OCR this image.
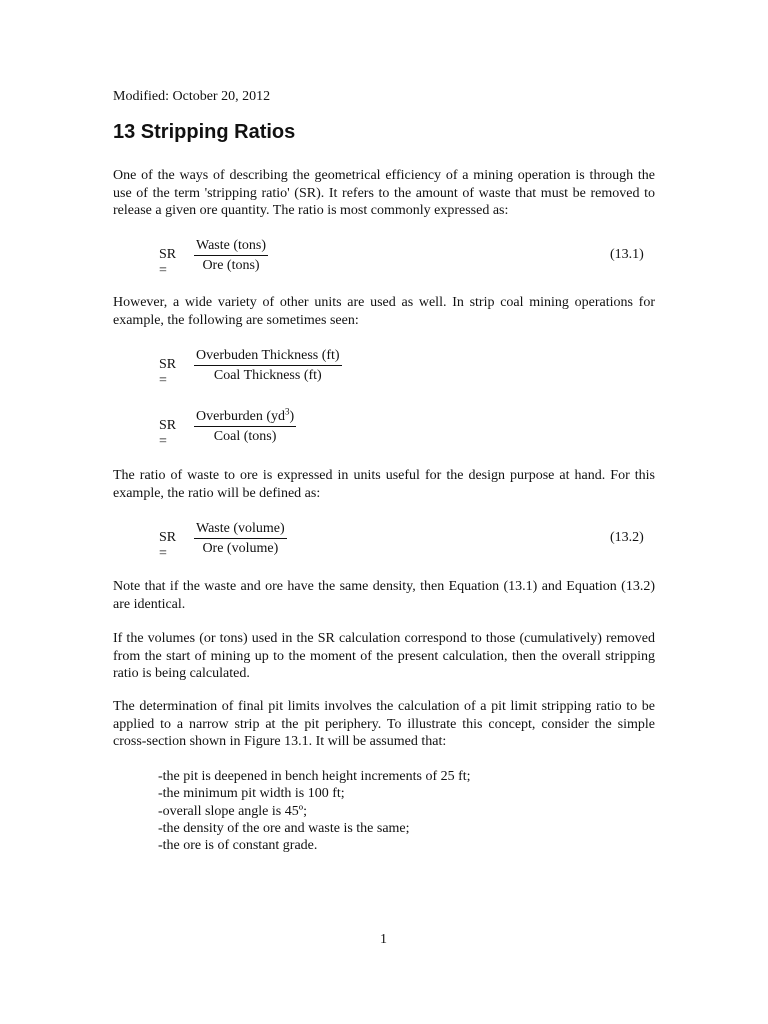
Modified: October 20, 2012
13 Stripping Ratios

One of the ways of describing the geometrical efficiency of a mining operation is through the use of the term 'stripping ratio' (SR). It refers to the amount of waste that must be removed to release a given ore quantity. The ratio is most commonly expressed as:

SR =
Waste (tons)
Ore (tons)
(13.1)

However, a wide variety of other units are used as well. In strip coal mining operations for example, the following are sometimes seen:

SR =
Overbuden Thickness (ft)
Coal Thickness (ft)
SR =
Overburden $(yd^3)$
Coal (tons)

The ratio of waste to ore is expressed in units useful for the design purpose at hand. For this example, the ratio will be defined as:

SR =
Waste (volume)
Ore (volume)
(13.2)

Note that if the waste and ore have the same density, then Equation (13.1) and Equation (13.2) are identical.

If the volumes (or tons) used in the SR calculation correspond to those (cumulatively) removed from the start of mining up to the moment of the present calculation, then the overall stripping ratio is being calculated.

The determination of final pit limits involves the calculation of a pit limit stripping ratio to be applied to a narrow strip at the pit periphery. To illustrate this concept, consider the simple cross-section shown in Figure 13.1. It will be assumed that:

-the pit is deepened in bench height increments of 25 ft;
-the minimum pit width is 100 ft;
-overall slope angle is 45º;
-the density of the ore and waste is the same;
-the ore is of constant grade.
1
